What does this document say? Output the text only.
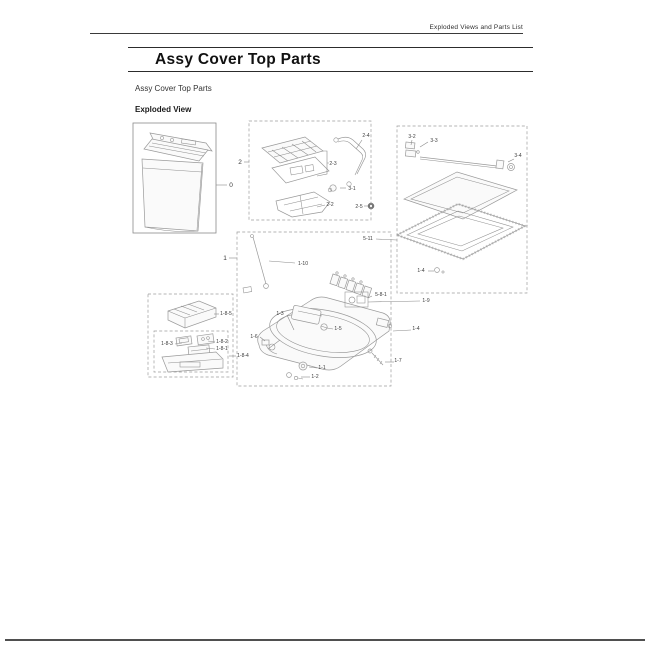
Exploded Views and Parts List
Assy Cover Top Parts
Assy Cover Top Parts
Exploded View
0
2	2-3
2-2
2-4
3-1
2-5
3-2
3-3
3-4
5-11
1-4
1
1-10
1-3
1-5
5-8-1
1-9
1-4
1-7
1-1
1-2
1-6
1-8-5
1-8-3	1-8-2
1-8-1
1-8-4
